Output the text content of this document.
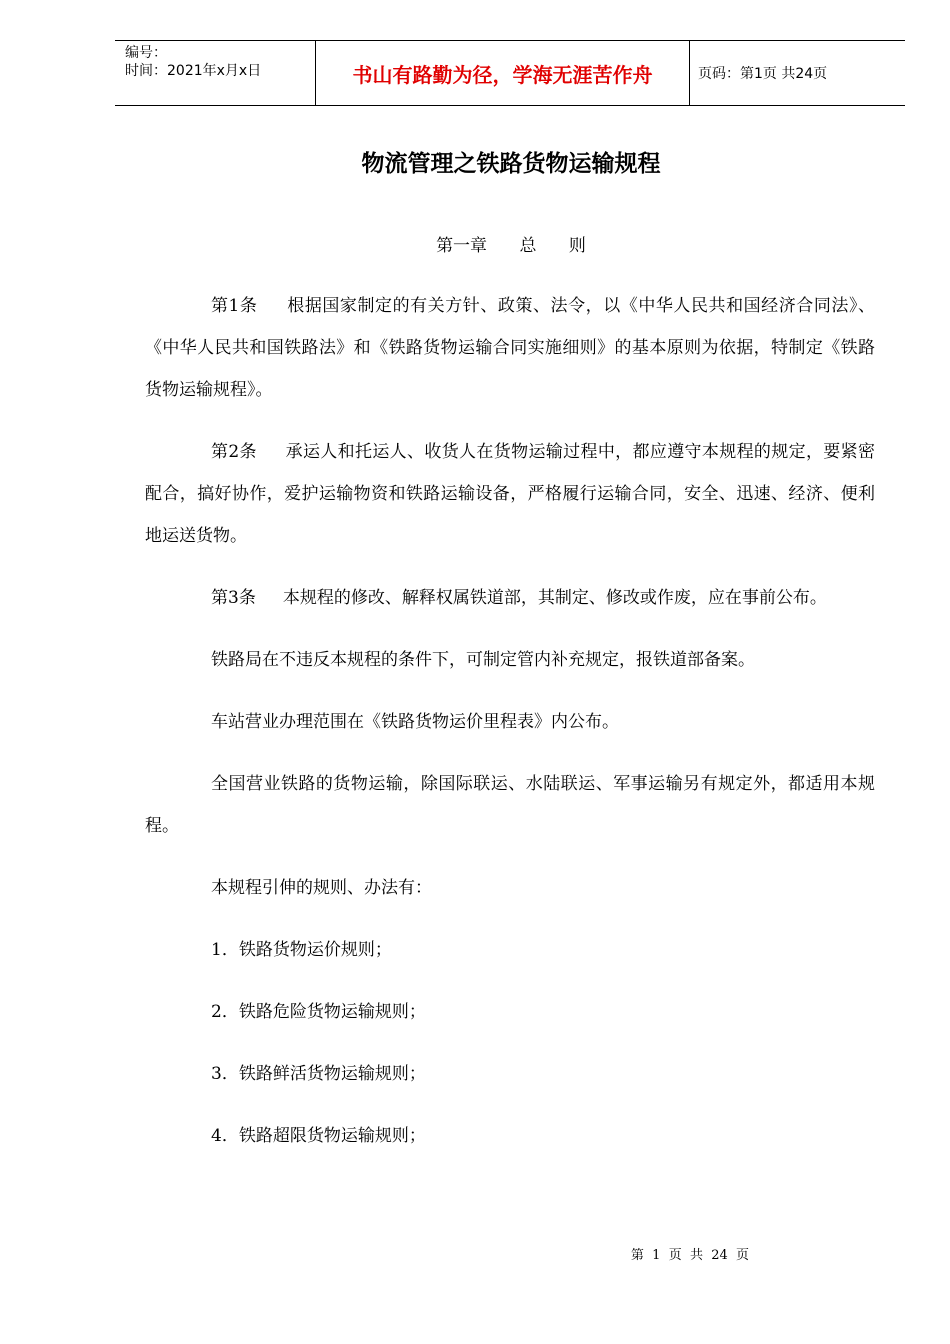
编号：
时间：2021年x月x日	书山有路勤为径，学海无涯苦作舟	页码：第1页 共24页
物流管理之铁路货物运输规程
第一章      总      则

第1条     根据国家制定的有关方针、政策、法令，以《中华人民共和国经济合同法》、《中华人民共和国铁路法》和《铁路货物运输合同实施细则》的基本原则为依据，特制定《铁路货物运输规程》。

第2条     承运人和托运人、收货人在货物运输过程中，都应遵守本规程的规定，要紧密配合，搞好协作，爱护运输物资和铁路运输设备，严格履行运输合同，安全、迅速、经济、便利地运送货物。

第3条     本规程的修改、解释权属铁道部，其制定、修改或作废，应在事前公布。

铁路局在不违反本规程的条件下，可制定管内补充规定，报铁道部备案。

车站营业办理范围在《铁路货物运价里程表》内公布。

全国营业铁路的货物运输，除国际联运、水陆联运、军事运输另有规定外，都适用本规程。

本规程引伸的规则、办法有：

1．铁路货物运价规则；
2．铁路危险货物运输规则；
3．铁路鲜活货物运输规则；
4．铁路超限货物运输规则；
第  1  页  共  24  页
